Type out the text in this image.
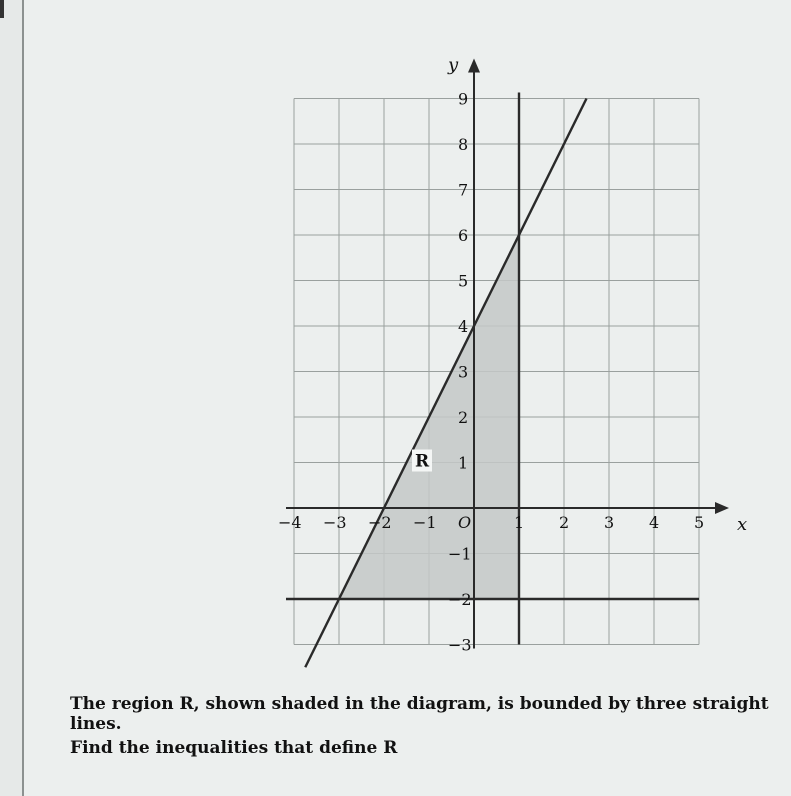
−4 −3 −2 −1	1 2 3 4 5
9
8
7
6
5
4
3
2
1
−1
−2
−3
O	x
y
R
The region R, shown shaded in the diagram, is bounded by three straight lines.
Find the inequalities that define R
